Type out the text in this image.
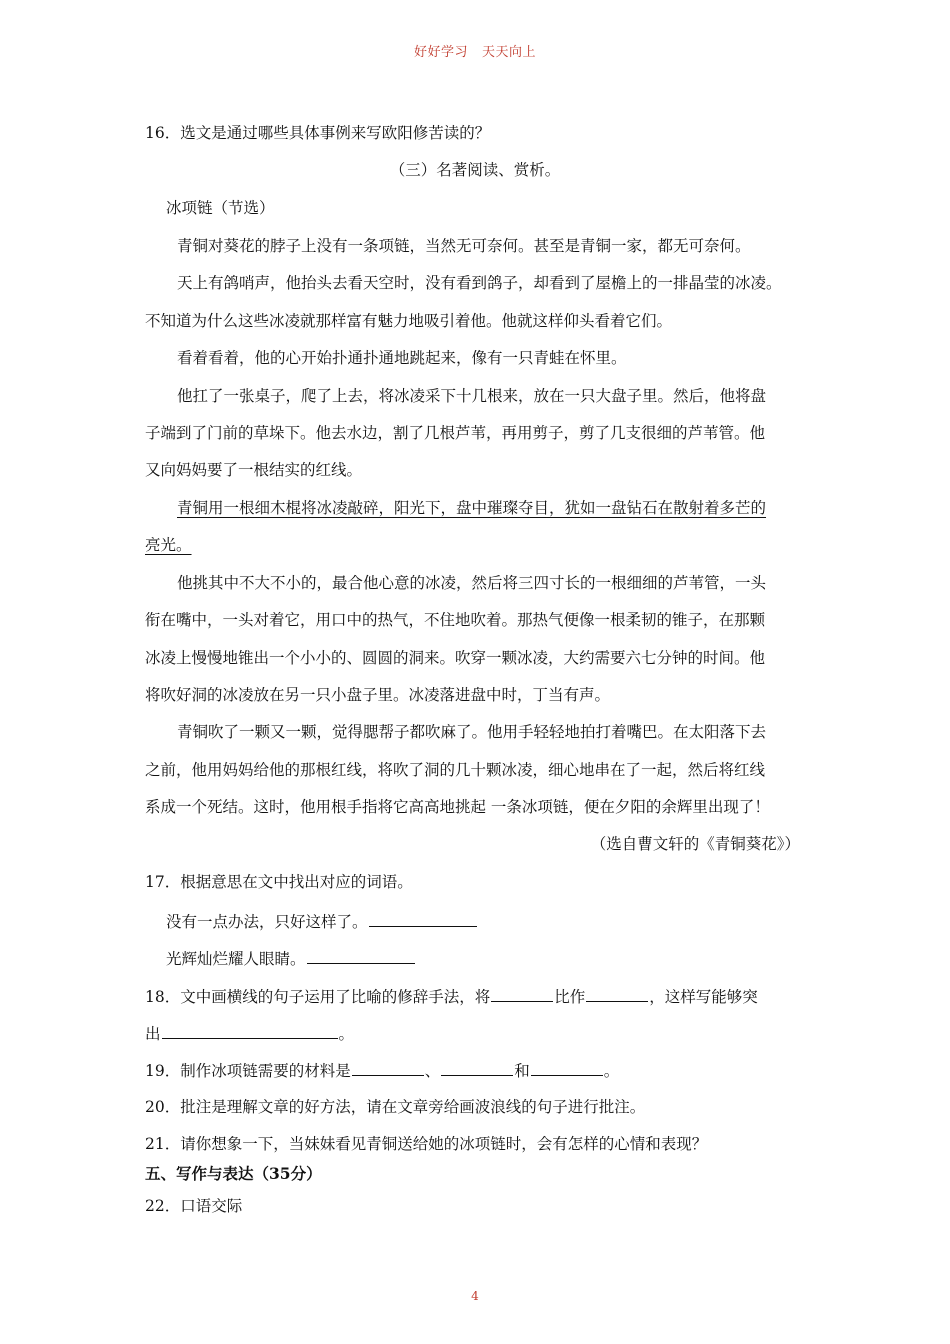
好好学习 天天向上
16．选文是通过哪些具体事例来写欧阳修苦读的？
（三）名著阅读、赏析。
冰项链（节选）
青铜对葵花的脖子上没有一条项链，当然无可奈何。甚至是青铜一家，都无可奈何。
天上有鸽哨声，他抬头去看天空时，没有看到鸽子，却看到了屋檐上的一排晶莹的冰凌。
不知道为什么这些冰凌就那样富有魅力地吸引着他。他就这样仰头看着它们。
看着看着，他的心开始扑通扑通地跳起来，像有一只青蛙在怀里。
他扛了一张桌子，爬了上去，将冰凌采下十几根来，放在一只大盘子里。然后，他将盘
子端到了门前的草垛下。他去水边，割了几根芦苇，再用剪子，剪了几支很细的芦苇管。他
又向妈妈要了一根结实的红线。
青铜用一根细木棍将冰凌敲碎，阳光下，盘中璀璨夺目，犹如一盘钻石在散射着多芒的
亮光。
他挑其中不大不小的，最合他心意的冰凌，然后将三四寸长的一根细细的芦苇管，一头
衔在嘴中，一头对着它，用口中的热气，不住地吹着。那热气便像一根柔韧的锥子，在那颗
冰凌上慢慢地锥出一个小小的、圆圆的洞来。吹穿一颗冰凌，大约需要六七分钟的时间。他
将吹好洞的冰凌放在另一只小盘子里。冰凌落进盘中时，丁当有声。
青铜吹了一颗又一颗，觉得腮帮子都吹麻了。他用手轻轻地拍打着嘴巴。在太阳落下去
之前，他用妈妈给他的那根红线，将吹了洞的几十颗冰凌，细心地串在了一起，然后将红线
系成一个死结。这时，他用根手指将它高高地挑起 一条冰项链，便在夕阳的余辉里出现了！
（选自曹文轩的《青铜葵花》）
17．根据意思在文中找出对应的词语。
没有一点办法，只好这样了。
光辉灿烂耀人眼睛。
18．文中画横线的句子运用了比喻的修辞手法，将	比作	，这样写能够突
出	。
19．制作冰项链需要的材料是	、	和	。
20．批注是理解文章的好方法，请在文章旁给画波浪线的句子进行批注。
21．请你想象一下，当妹妹看见青铜送给她的冰项链时，会有怎样的心情和表现？
五、写作与表达（35分）
22．口语交际
4
